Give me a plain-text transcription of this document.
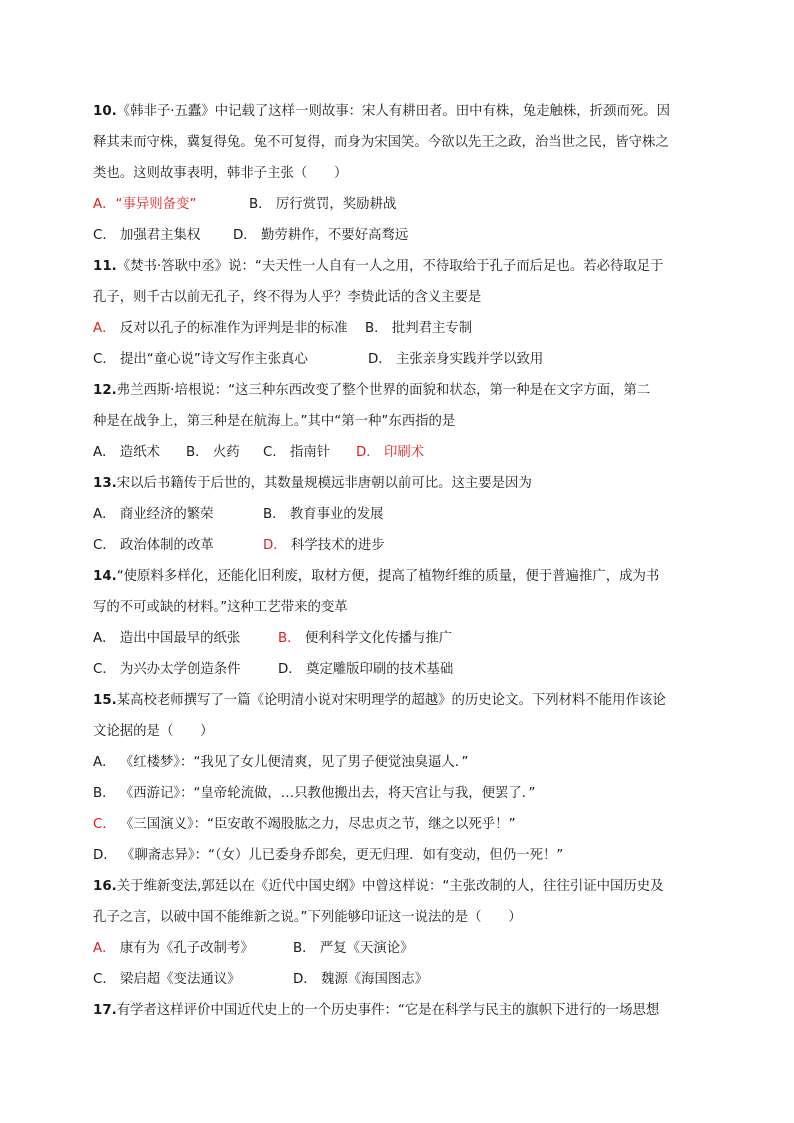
10.《韩非子·五蠹》中记载了这样一则故事：宋人有耕田者。田中有株，兔走触株，折颈而死。因
释其耒而守株，冀复得兔。兔不可复得，而身为宋国笑。今欲以先王之政，治当世之民，皆守株之
类也。这则故事表明，韩非子主张（　　）
A．“事异则备变”	B． 厉行赏罚，奖励耕战
C． 加强君主集权 D． 勤劳耕作，不要好高骛远
11.《焚书·答耿中丞》说：“夫天性一人自有一人之用，不待取给于孔子而后足也。若必待取足于
孔子，则千古以前无孔子，终不得为人乎？李贽此话的含义主要是
A． 反对以孔子的标准作为评判是非的标准 B． 批判君主专制
C． 提出“童心说”诗文写作主张真心	D． 主张亲身实践并学以致用
12.弗兰西斯·培根说：“这三种东西改变了整个世界的面貌和状态，第一种是在文字方面，第二
种是在战争上，第三种是在航海上。”其中“第一种”东西指的是
A． 造纸术 B． 火药 C． 指南针 D． 印刷术
13.宋以后书籍传于后世的，其数量规模远非唐朝以前可比。这主要是因为
A． 商业经济的繁荣	B． 教育事业的发展
C． 政治体制的改革	D． 科学技术的进步
14.“使原料多样化，还能化旧利废，取材方便，提高了植物纤维的质量，便于普遍推广，成为书
写的不可或缺的材料。”这种工艺带来的变革
A． 造出中国最早的纸张	B． 便利科学文化传播与推广
C． 为兴办太学创造条件	D． 奠定雕版印刷的技术基础
15.某高校老师撰写了一篇《论明清小说对宋明理学的超越》的历史论文。下列材料不能用作该论
文论据的是（　　）
A． 《红楼梦》：“我见了女儿便清爽，见了男子便觉浊臭逼人．”
B． 《西游记》：“皇帝轮流做，…只教他搬出去，将天宫让与我，便罢了．”
C． 《三国演义》：“臣安敢不竭股肱之力，尽忠贞之节，继之以死乎！”
D． 《聊斋志异》：“（女）儿已委身乔郎矣，更无归理．如有变动，但仍一死！”
16.关于维新变法,郭廷以在《近代中国史纲》中曾这样说：“主张改制的人，往往引证中国历史及
孔子之言，以破中国不能维新之说。”下列能够印证这一说法的是（　　）
A． 康有为《孔子改制考》	B． 严复《天演论》
C． 梁启超《变法通议》	D． 魏源《海国图志》
17.有学者这样评价中国近代史上的一个历史事件：“它是在科学与民主的旗帜下进行的一场思想
